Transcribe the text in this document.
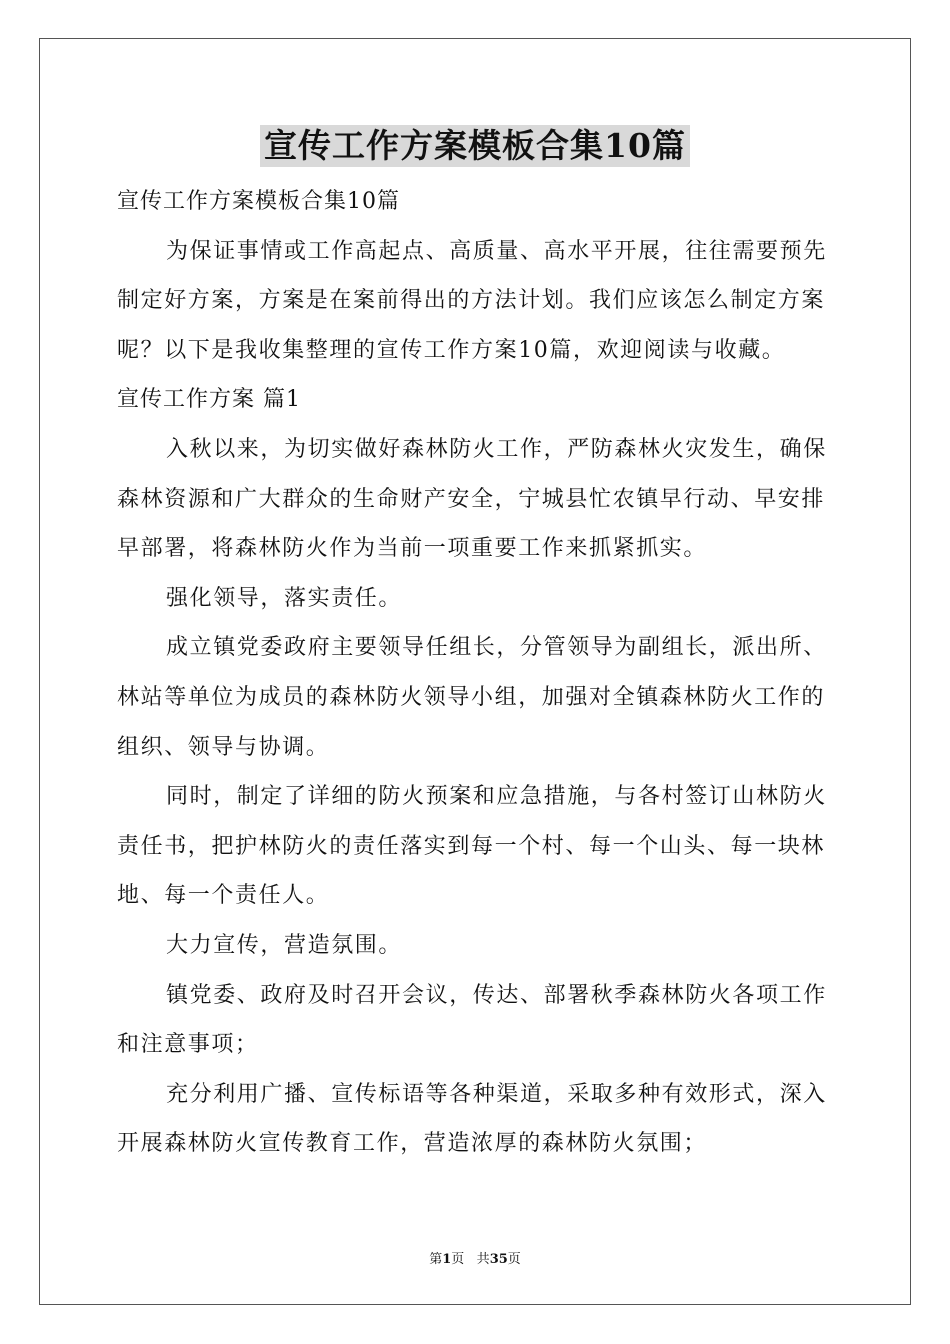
宣传工作方案模板合集10篇
宣传工作方案模板合集10篇
为保证事情或工作高起点、高质量、高水平开展，往往需要预先
制定好方案，方案是在案前得出的方法计划。我们应该怎么制定方案
呢？以下是我收集整理的宣传工作方案10篇，欢迎阅读与收藏。
宣传工作方案 篇1
入秋以来，为切实做好森林防火工作，严防森林火灾发生，确保
森林资源和广大群众的生命财产安全，宁城县忙农镇早行动、早安排
早部署，将森林防火作为当前一项重要工作来抓紧抓实。
强化领导，落实责任。
成立镇党委政府主要领导任组长，分管领导为副组长，派出所、
林站等单位为成员的森林防火领导小组，加强对全镇森林防火工作的
组织、领导与协调。
同时，制定了详细的防火预案和应急措施，与各村签订山林防火
责任书，把护林防火的责任落实到每一个村、每一个山头、每一块林
地、每一个责任人。
大力宣传，营造氛围。
镇党委、政府及时召开会议，传达、部署秋季森林防火各项工作
和注意事项；
充分利用广播、宣传标语等各种渠道，采取多种有效形式，深入
开展森林防火宣传教育工作，营造浓厚的森林防火氛围；
第1页 共35页
